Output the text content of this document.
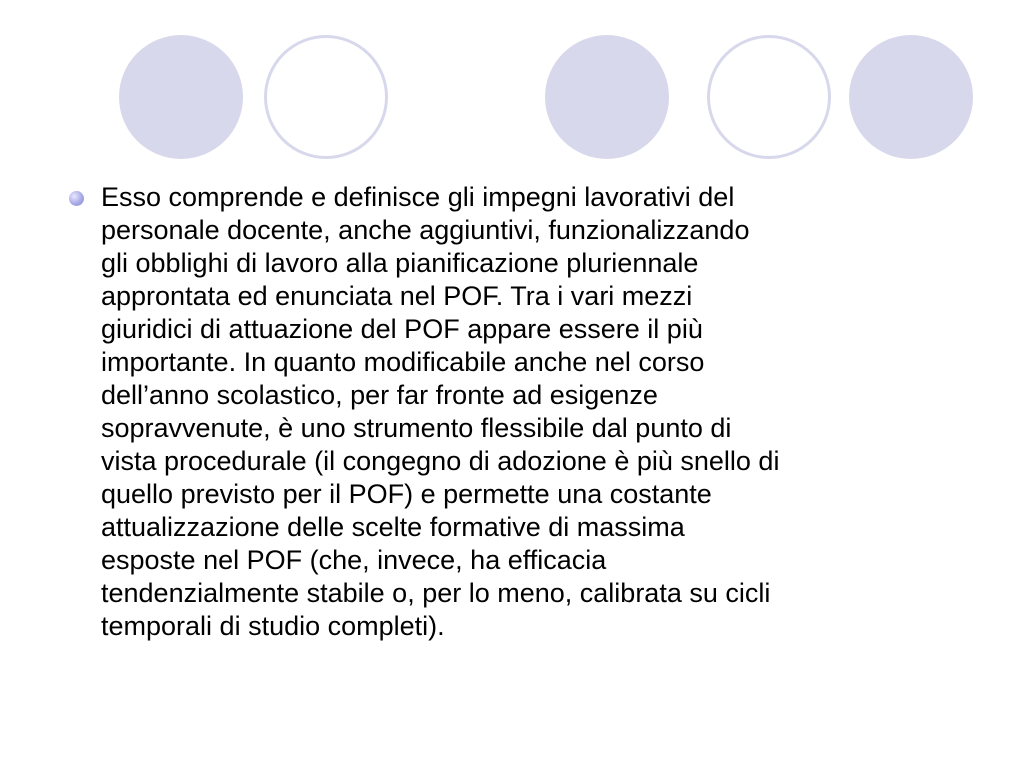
Esso comprende e definisce gli impegni lavorativi del
personale docente, anche aggiuntivi, funzionalizzando
gli obblighi di lavoro alla pianificazione pluriennale
approntata ed enunciata nel POF. Tra i vari mezzi
giuridici di attuazione del POF appare essere il più
importante. In quanto modificabile anche nel corso
dell’anno scolastico, per far fronte ad esigenze
sopravvenute, è uno strumento flessibile dal punto di
vista procedurale (il congegno di adozione è più snello di
quello previsto per il POF) e permette una costante
attualizzazione delle scelte formative di massima
esposte nel POF (che, invece, ha efficacia
tendenzialmente stabile o, per lo meno, calibrata su cicli
temporali di studio completi).
